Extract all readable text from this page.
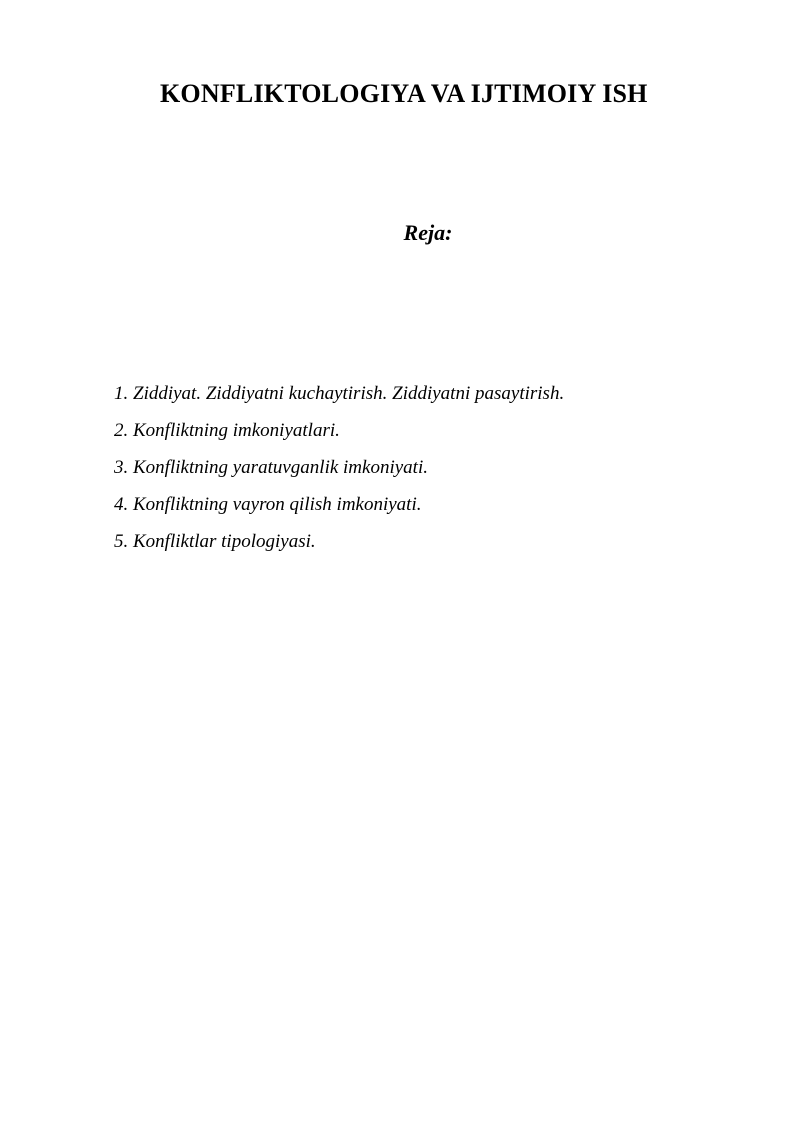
KONFLIKTOLOGIYA VA IJTIMOIY ISH
Reja:
1. Ziddiyat. Ziddiyatni kuchaytirish. Ziddiyatni pasaytirish.
2. Konfliktning imkoniyatlari.
3. Konfliktning yaratuvganlik imkoniyati.
4. Konfliktning vayron qilish imkoniyati.
5. Konfliktlar tipologiyasi.
